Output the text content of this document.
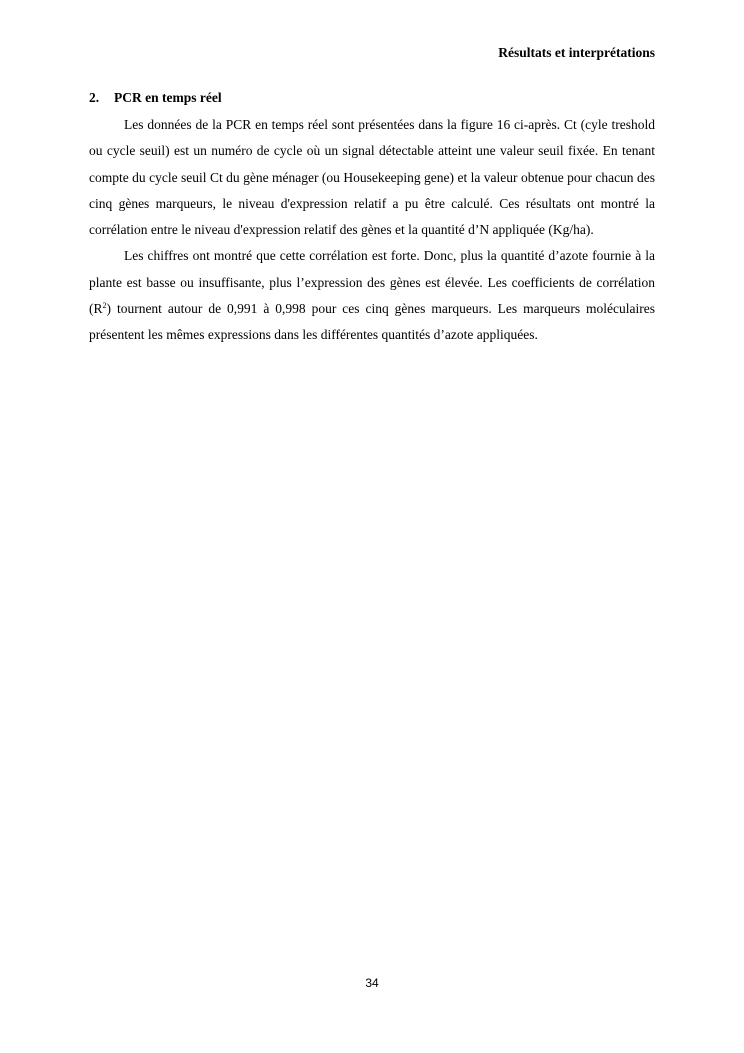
Résultats et interprétations
2. PCR en temps réel

Les données de la PCR en temps réel sont présentées dans la figure 16 ci-après. Ct (cyle treshold ou cycle seuil) est un numéro de cycle où un signal détectable atteint une valeur seuil fixée. En tenant compte du cycle seuil Ct du gène ménager (ou Housekeeping gene) et la valeur obtenue pour chacun des cinq gènes marqueurs, le niveau d'expression relatif a pu être calculé. Ces résultats ont montré la corrélation entre le niveau d'expression relatif des gènes et la quantité d’N appliquée (Kg/ha).

Les chiffres ont montré que cette corrélation est forte. Donc, plus la quantité d’azote fournie à la plante est basse ou insuffisante, plus l’expression des gènes est élevée. Les coefficients de corrélation $(R^2)$ tournent autour de 0,991 à 0,998 pour ces cinq gènes marqueurs. Les marqueurs moléculaires présentent les mêmes expressions dans les différentes quantités d’azote appliquées.

34
